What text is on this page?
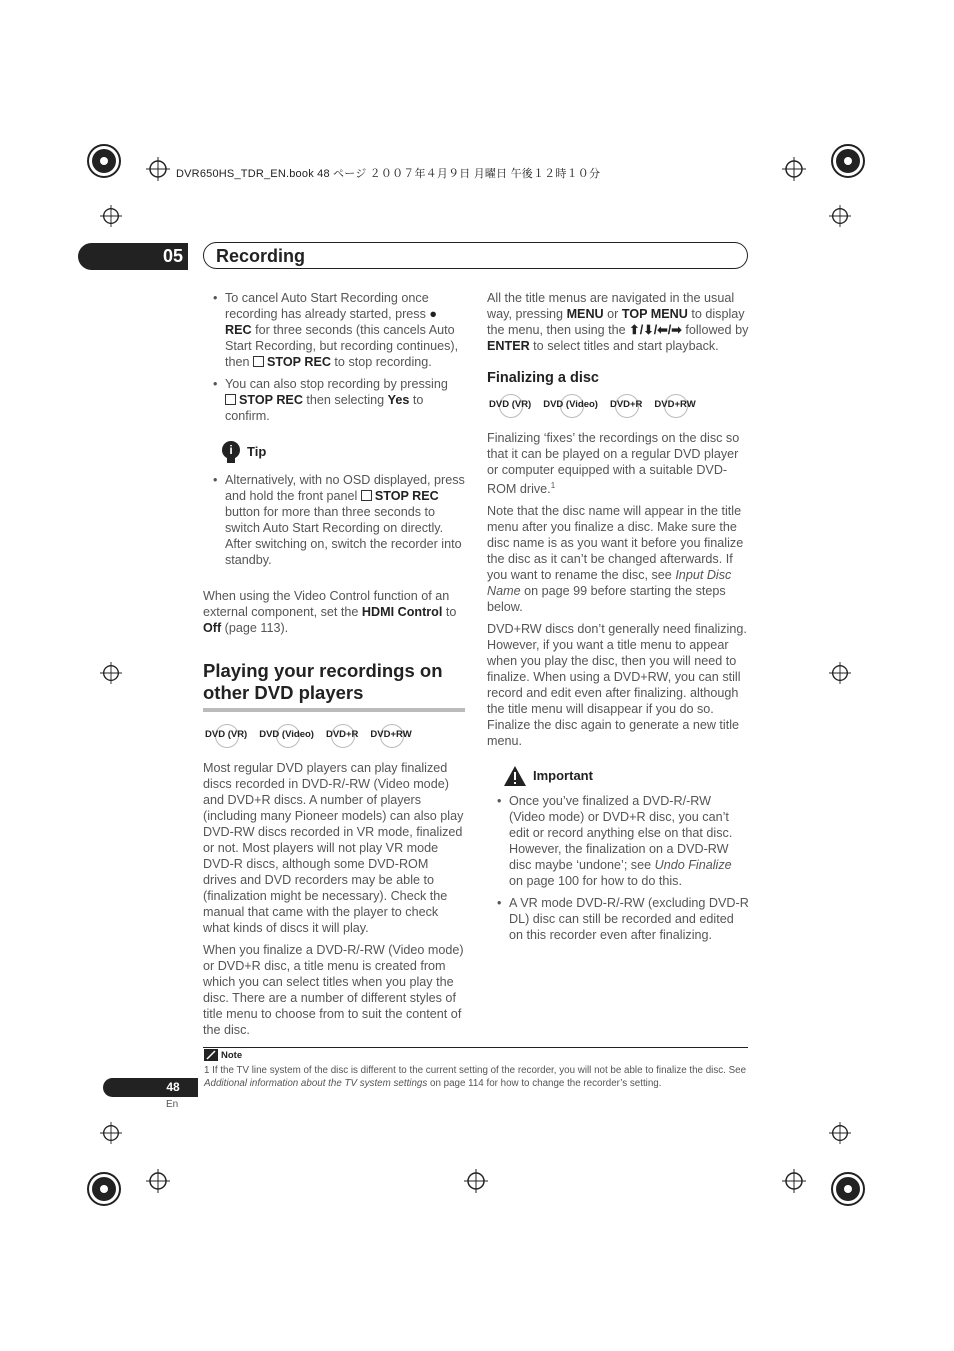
DVR650HS_TDR_EN.book 48 ページ ２００７年４月９日 月曜日 午後１２時１０分
05	Recording
• To cancel Auto Start Recording once recording has already started, press ● REC for three seconds (this cancels Auto Start Recording, but recording continues), then STOP REC to stop recording.
• You can also stop recording by pressing STOP REC then selecting Yes to confirm.
i Tip
• Alternatively, with no OSD displayed, press and hold the front panel STOP REC button for more than three seconds to switch Auto Start Recording on directly. After switching on, switch the recorder into standby.

When using the Video Control function of an external component, set the HDMI Control to Off (page 113).

Playing your recordings on other DVD players
DVD (VR) DVD (Video) DVD+R DVD+RW

Most regular DVD players can play finalized discs recorded in DVD-R/-RW (Video mode) and DVD+R discs. A number of players (including many Pioneer models) can also play DVD-RW discs recorded in VR mode, finalized or not. Most players will not play VR mode DVD-R discs, although some DVD-ROM drives and DVD recorders may be able to (finalization might be necessary). Check the manual that came with the player to check what kinds of discs it will play.

When you finalize a DVD-R/-RW (Video mode) or DVD+R disc, a title menu is created from which you can select titles when you play the disc. There are a number of different styles of title menu to choose from to suit the content of the disc.

All the title menus are navigated in the usual way, pressing MENU or TOP MENU to display the menu, then using the ⬆/⬇/⬅/➡ followed by ENTER to select titles and start playback.

Finalizing a disc
DVD (VR) DVD (Video) DVD+R DVD+RW

Finalizing ‘fixes’ the recordings on the disc so that it can be played on a regular DVD player or computer equipped with a suitable DVD-ROM drive.$^1$

Note that the disc name will appear in the title menu after you finalize a disc. Make sure the disc name is as you want it before you finalize the disc as it can’t be changed afterwards. If you want to rename the disc, see Input Disc Name on page 99 before starting the steps below.

DVD+RW discs don’t generally need finalizing. However, if you want a title menu to appear when you play the disc, then you will need to finalize. When using a DVD+RW, you can still record and edit even after finalizing. although the title menu will disappear if you do so. Finalize the disc again to generate a new title menu.

Important
• Once you’ve finalized a DVD-R/-RW (Video mode) or DVD+R disc, you can’t edit or record anything else on that disc. However, the finalization on a DVD-RW disc maybe ‘undone’; see Undo Finalize on page 100 for how to do this.
• A VR mode DVD-R/-RW (excluding DVD-R DL) disc can still be recorded and edited on this recorder even after finalizing.
Note
1 If the TV line system of the disc is different to the current setting of the recorder, you will not be able to finalize the disc. See Additional information about the TV system settings on page 114 for how to change the recorder’s setting.
48
En
